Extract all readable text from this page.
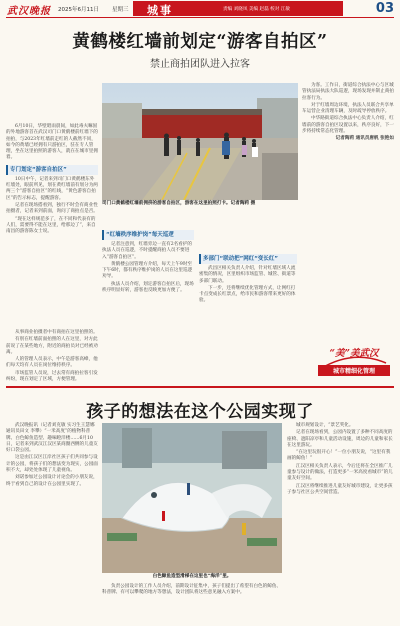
武汉晚报 2025年6月11日 星期三 城事	责编 刘晓凤 美编 赵磊 校对 江敏	03
黄鹤楼红墙前划定“游客自拍区”
禁止商拍团队进入拉客

6月10日，华壁昭雨晨间，如此毒夫嘛固的外地游客首在武汉司门口黄鹤楼前红墙下的拍拍，与2023年红墙前走红的人截然不同，如今的黄墙已经拥有只游拍区，驻在专人管理，坐在这里拍照的游客人，就在在城市里拥着。

专门划定“游客自拍区”

10日中午，记者来到司门口黄鹤楼东外红墙处，眼前所见，划在黄红墙前有划分为两两三个“游客自拍区”的红线，“黄色游客自拍区”的告示标志，提醒游客。

记者在现场搭看到，独行不时会有商业性拍摄者，记者来到前面，询问了商拍点是否。

“现在这样规范多了，在不同和代表有的人们，需要得不能在这里，给那边了”，来自南昌的游客陈女士说。

从事商业拍摄者中有商拍在这里拍照的。

有别在红墙前面拍照的人在这里，对方此前说了在某些地方，附近的商拍员对已经被劝离。

人的管理人员表示，中午是游客高峰，他们每天均有人员在岗位维持秩序。

市场监管人员说，过去常有商拍拉客引发纠纷，现在划定了区域，方便管理。

司门口黄鹤楼红墙前拥挤的游客自拍区，游客在这里拍照打卡。记者陶莉 摄
“红墙秩序维护岗”每天巡逻

记者注意到，红墙旁边一直有2名看护的执法人员在巡逻，不时提醒商拍人员不要进入“游客自拍区”。

黄鹤楼公园管理方介绍，每天上午9时至下午6时，都有秩序维护岗的人员在这里巡逻劝导。

执法人员介绍，划定游客自拍区后，现场秩序明显好转，游客也反映更加方便了。

多部门“联动把”网红“变长红”

武昌区相关负责人介绍，针对红墙区域人流密集的情况，区里组织市场监管、城管、街道等多部门联动。

下一步，还将继续优化管理方式，让网红打卡点变成长红景点，给市民和游客带来更好的体验。

为客。工作日，街道综合执法中心与区城管执法局执法大队巡逻，现场发现并制止商拍拉客行为。

对于红墙周边环境，执法人员联合共享单车运营企业清理车辆，及时疏导停放秩序。

中华路街道综合执法中心负责人介绍，红墙前的游客自拍区设置以来，秩序良好，下一步将持续常态化管理。

记者陶莉 通讯员唐帆 张艳如

“美”美武汉
城市精细化管理
孩子的想法在这个公园实现了

武汉晚报讯（记者刘克敏 实习生王慧娜 通讯员田文 李攀）“一米高度”的植物科普牌、白色鲸鱼造型、趣味瞪洋楼……6月10日，记者来到武汉江汉区某商圈西侧的儿童友好口袋公园。

这是由江汉区江岸社区孩子们共同参与设计的公园，将孩子们的想法变为现实，公园面积不大，却处处体现了儿童视角。

刘诺参加过公园设计讨论会的小朋友说，终于看到自己的设计在公园里实现了。

白色鲸鱼造型滑梯在这里也“海洋”里。

负责公园设计的工作人员介绍，前期设计征集中，孩子们提出了希望有白色的鲸鱼、科普牌、有可以攀爬的地方等想法，设计团队将这些意见融入方案中。

城市规划设计，“景艺奖化。

记者在现场看到，公园内设置了多种不同高度的座椅、遮阳凉亭和儿童活动设施，周边的儿童和家长在这里游玩。

“在这里玩很开心！”一位小朋友说，“这里有我画的鲸鱼！”

江汉区相关负责人表示，今后还将在全区推广儿童参与设计的做法，打造更多“一米高度看城市”的儿童友好空间。

江汉区将继续推进儿童友好城市建设，让更多孩子参与社区公共空间营造。
